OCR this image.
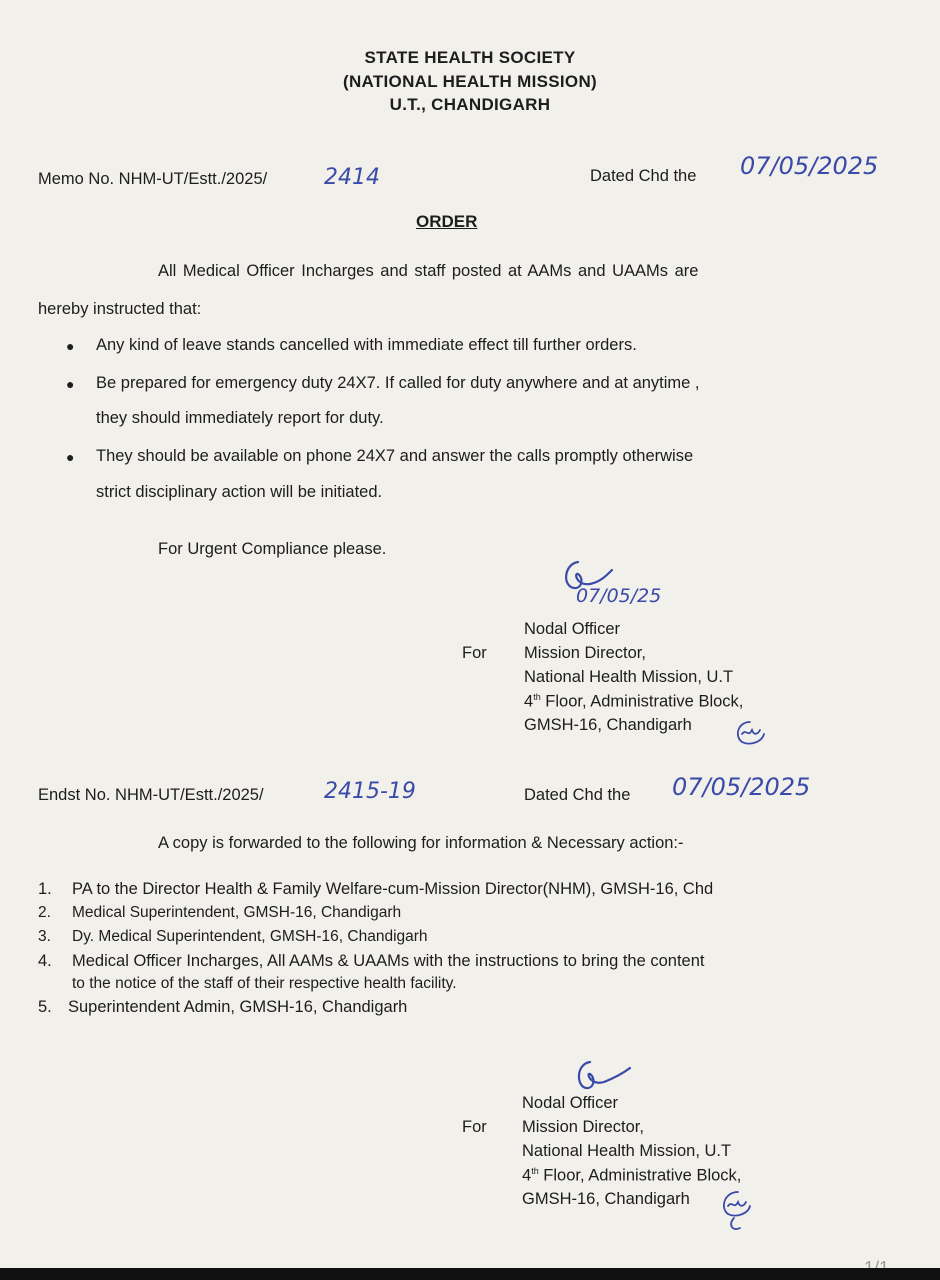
STATE HEALTH SOCIETY
(NATIONAL HEALTH MISSION)
U.T., CHANDIGARH
Memo No. NHM-UT/Estt./2025/	2414	Dated Chd the 07/05/2025
ORDER
All Medical Officer Incharges and staff posted at AAMs and UAAMs are
hereby instructed that:
● Any kind of leave stands cancelled with immediate effect till further orders.
● Be prepared for emergency duty 24X7. If called for duty anywhere and at anytime ,
they should immediately report for duty.
● They should be available on phone 24X7 and answer the calls promptly otherwise
strict disciplinary action will be initiated.
For Urgent Compliance please.
07/05/25
For
Nodal Officer
Mission Director,
National Health Mission, U.T
4th Floor, Administrative Block,
GMSH-16, Chandigarh
Endst No. NHM-UT/Estt./2025/	2415-19	Dated Chd the 07/05/2025
A copy is forwarded to the following for information & Necessary action:-
1. PA to the Director Health & Family Welfare-cum-Mission Director(NHM), GMSH-16, Chd
2. Medical Superintendent, GMSH-16, Chandigarh
3. Dy. Medical Superintendent, GMSH-16, Chandigarh
4. Medical Officer Incharges, All AAMs & UAAMs with the instructions to bring the content
to the notice of the staff of their respective health facility.
5. Superintendent Admin, GMSH-16, Chandigarh
For
Nodal Officer
Mission Director,
National Health Mission, U.T
4th Floor, Administrative Block,
GMSH-16, Chandigarh
